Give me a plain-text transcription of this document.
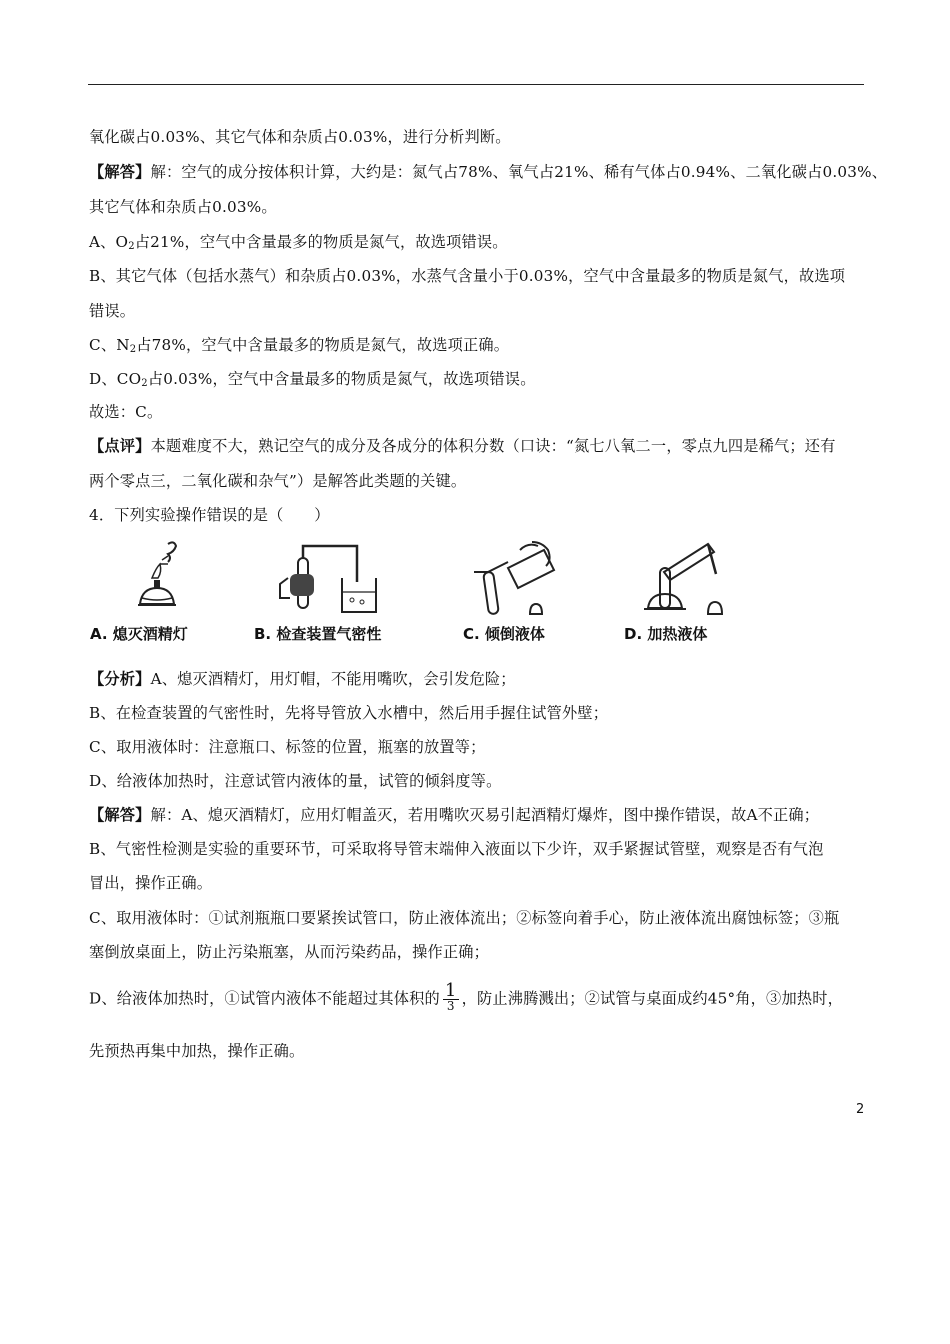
氧化碳占0.03%、其它气体和杂质占0.03%，进行分析判断。
【解答】解：空气的成分按体积计算，大约是：氮气占78%、氧气占21%、稀有气体占0.94%、二氧化碳占0.03%、
其它气体和杂质占0.03%。
A、$O_2$占21%，空气中含量最多的物质是氮气，故选项错误。
B、其它气体（包括水蒸气）和杂质占0.03%，水蒸气含量小于0.03%，空气中含量最多的物质是氮气，故选项
错误。
C、$N_2$占78%，空气中含量最多的物质是氮气，故选项正确。
D、$CO_2$占0.03%，空气中含量最多的物质是氮气，故选项错误。
故选：C。
【点评】本题难度不大，熟记空气的成分及各成分的体积分数（口诀：“氮七八氧二一，零点九四是稀气；还有
两个零点三，二氧化碳和杂气”）是解答此类题的关键。
4．下列实验操作错误的是（　　）
A. 熄灭酒精灯	B. 检查装置气密性	C. 倾倒液体	D. 加热液体
【分析】A、熄灭酒精灯，用灯帽，不能用嘴吹，会引发危险；
B、在检查装置的气密性时，先将导管放入水槽中，然后用手握住试管外壁；
C、取用液体时：注意瓶口、标签的位置，瓶塞的放置等；
D、给液体加热时，注意试管内液体的量，试管的倾斜度等。
【解答】解：A、熄灭酒精灯，应用灯帽盖灭，若用嘴吹灭易引起酒精灯爆炸，图中操作错误，故A不正确；
B、气密性检测是实验的重要环节，可采取将导管末端伸入液面以下少许，双手紧握试管壁，观察是否有气泡
冒出，操作正确。
C、取用液体时：①试剂瓶瓶口要紧挨试管口，防止液体流出；②标签向着手心，防止液体流出腐蚀标签；③瓶
塞倒放桌面上，防止污染瓶塞，从而污染药品，操作正确；
D、给液体加热时，①试管内液体不能超过其体积的 $\frac{1}{3}$ ，防止沸腾溅出；②试管与桌面成约45°角，③加热时，
先预热再集中加热，操作正确。
2
